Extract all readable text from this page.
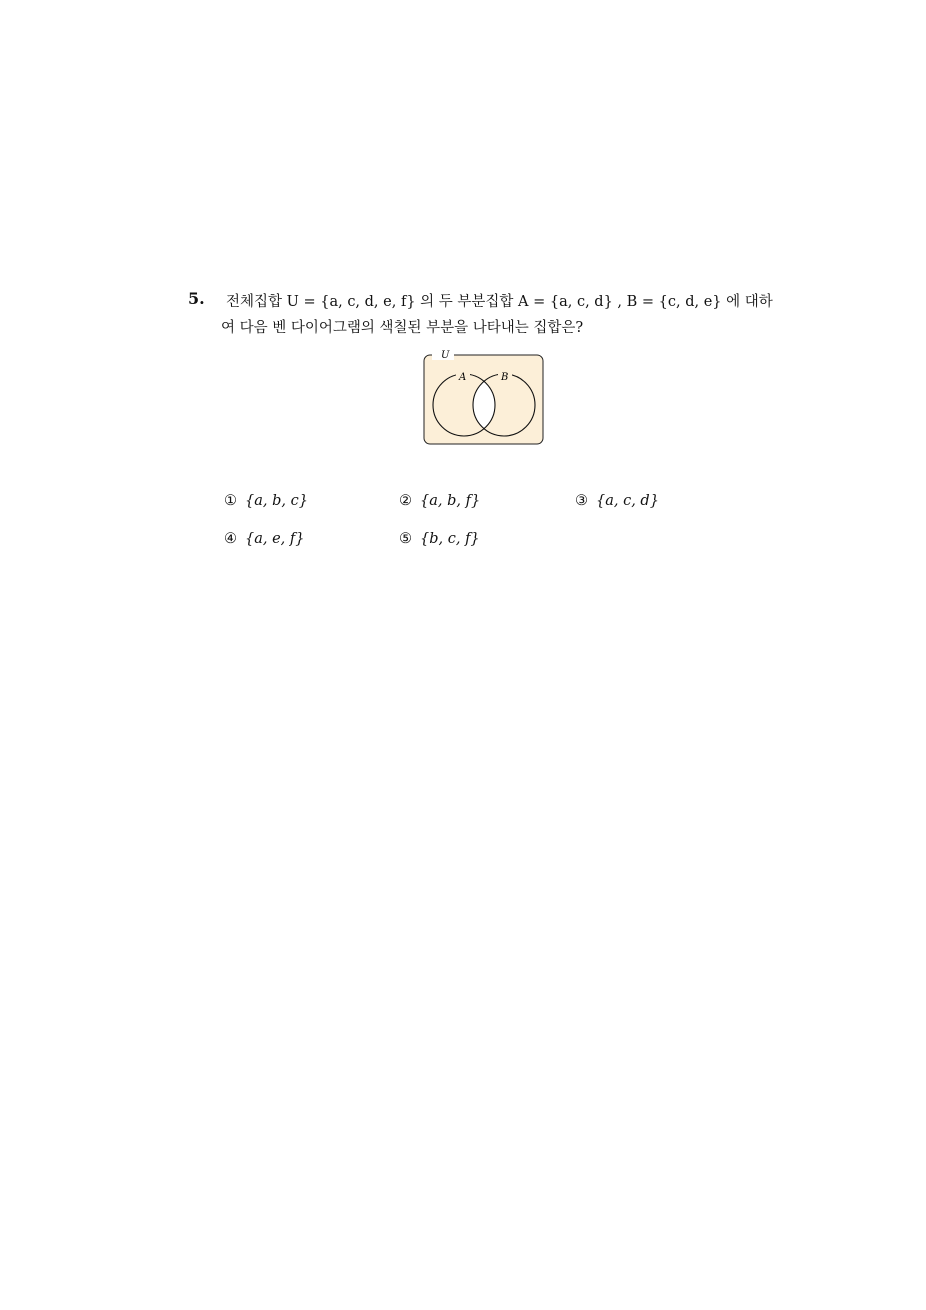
5. 전체집합 U = {a, c, d, e, f} 의 두 부분집합 A = {a, c, d} , B = {c, d, e} 에 대하
여 다음 벤 다이어그램의 색칠된 부분을 나타내는 집합은?
U
A	B
① {a, b, c}	② {a, b, f}	③ {a, c, d}
④ {a, e, f}	⑤ {b, c, f}
